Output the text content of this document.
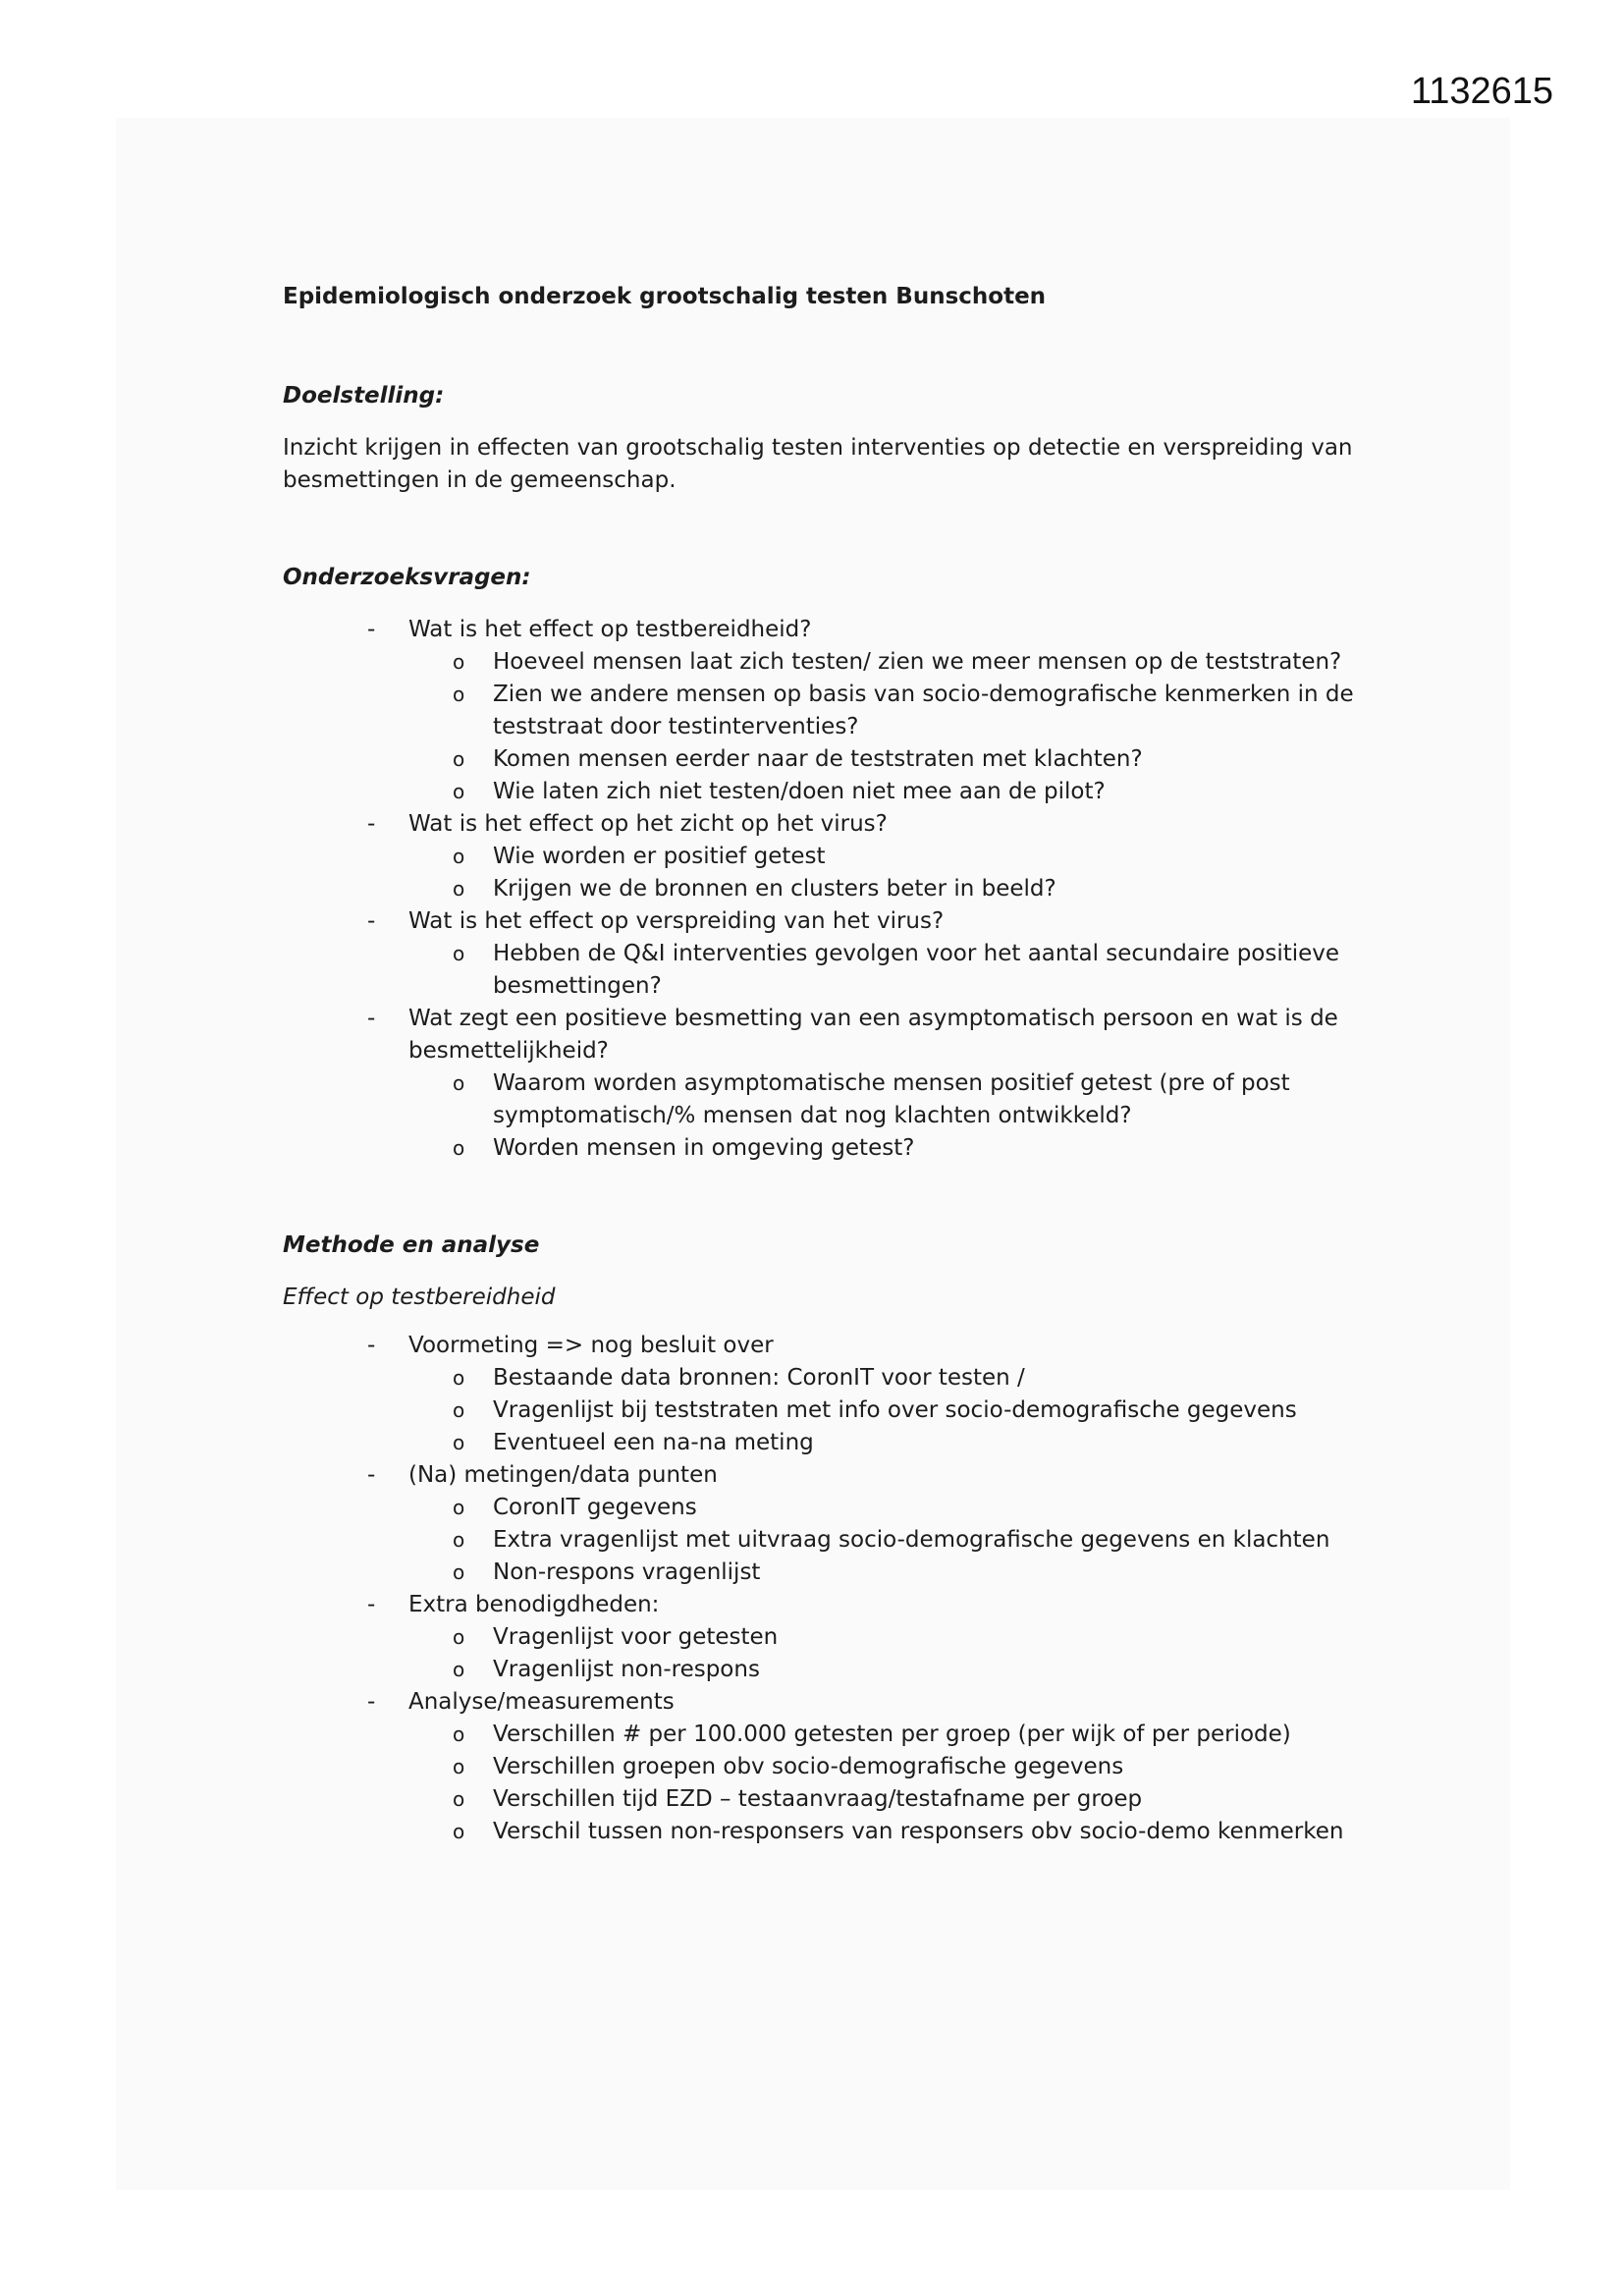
1132615
Epidemiologisch onderzoek grootschalig testen Bunschoten
Doelstelling:
Inzicht krijgen in effecten van grootschalig testen interventies op detectie en verspreiding van besmettingen in de gemeenschap.
Onderzoeksvragen:
- Wat is het effect op testbereidheid?
o Hoeveel mensen laat zich testen/ zien we meer mensen op de teststraten?
o Zien we andere mensen op basis van socio-demografische kenmerken in de teststraat door testinterventies?
o Komen mensen eerder naar de teststraten met klachten?
o Wie laten zich niet testen/doen niet mee aan de pilot?
- Wat is het effect op het zicht op het virus?
o Wie worden er positief getest
o Krijgen we de bronnen en clusters beter in beeld?
- Wat is het effect op verspreiding van het virus?
o Hebben de Q&I interventies gevolgen voor het aantal secundaire positieve besmettingen?
- Wat zegt een positieve besmetting van een asymptomatisch persoon en wat is de besmettelijkheid?
o Waarom worden asymptomatische mensen positief getest (pre of post symptomatisch/% mensen dat nog klachten ontwikkeld?
o Worden mensen in omgeving getest?
Methode en analyse
Effect op testbereidheid
- Voormeting => nog besluit over
o Bestaande data bronnen: CoronIT voor testen /
o Vragenlijst bij teststraten met info over socio-demografische gegevens
o Eventueel een na-na meting
- (Na) metingen/data punten
o CoronIT gegevens
o Extra vragenlijst met uitvraag socio-demografische gegevens en klachten
o Non-respons vragenlijst
- Extra benodigdheden:
o Vragenlijst voor getesten
o Vragenlijst non-respons
- Analyse/measurements
o Verschillen # per 100.000 getesten per groep (per wijk of per periode)
o Verschillen groepen obv socio-demografische gegevens
o Verschillen tijd EZD – testaanvraag/testafname per groep
o Verschil tussen non-responsers van responsers obv socio-demo kenmerken
